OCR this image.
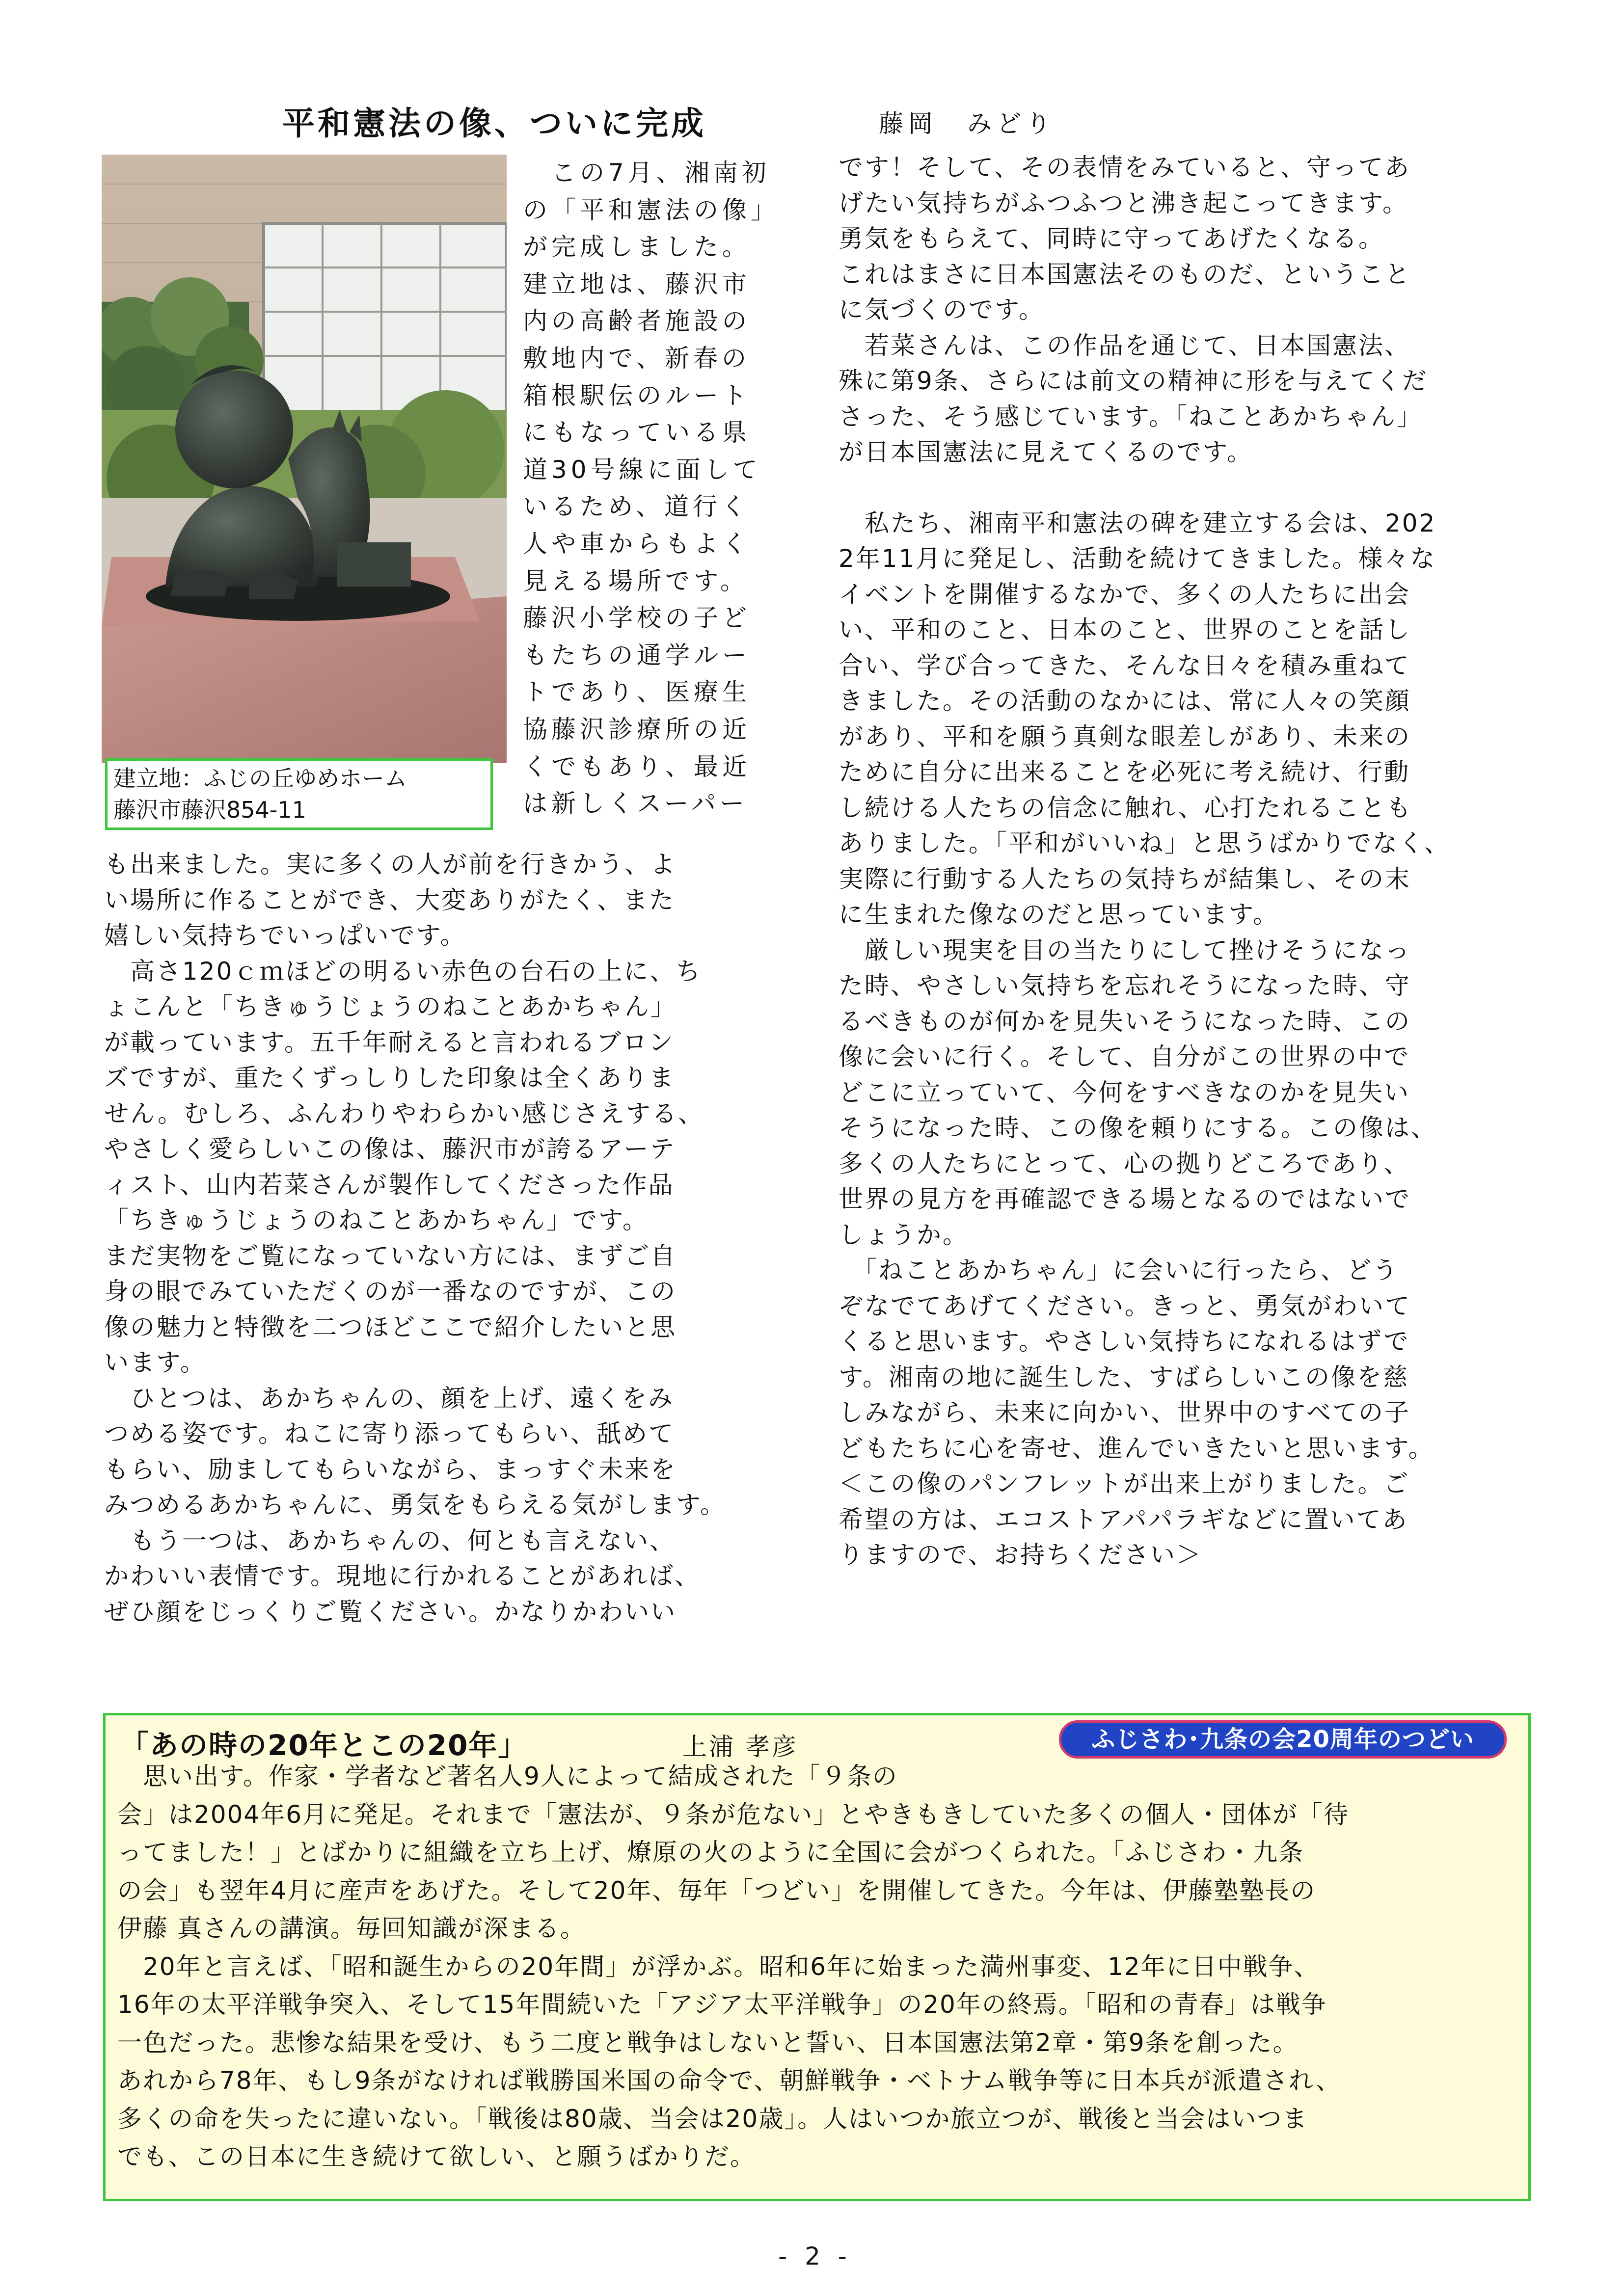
平和憲法の像、ついに完成	藤岡　みどり
建立地：ふじの丘ゆめホーム
藤沢市藤沢854-11
　この7月、湘南初
の「平和憲法の像」
が完成しました。
建立地は、藤沢市
内の高齢者施設の
敷地内で、新春の
箱根駅伝のルート
にもなっている県
道30号線に面して
いるため、道行く
人や車からもよく
見える場所です。
藤沢小学校の子ど
もたちの通学ルー
トであり、医療生
協藤沢診療所の近
くでもあり、最近
は新しくスーパー
も出来ました。実に多くの人が前を行きかう、よ
い場所に作ることができ、大変ありがたく、また
嬉しい気持ちでいっぱいです。
　高さ120ｃｍほどの明るい赤色の台石の上に、ち
ょこんと「ちきゅうじょうのねことあかちゃん」
が載っています。五千年耐えると言われるブロン
ズですが、重たくずっしりした印象は全くありま
せん。むしろ、ふんわりやわらかい感じさえする、
やさしく愛らしいこの像は、藤沢市が誇るアーテ
ィスト、山内若菜さんが製作してくださった作品
「ちきゅうじょうのねことあかちゃん」です。
まだ実物をご覧になっていない方には、まずご自
身の眼でみていただくのが一番なのですが、この
像の魅力と特徴を二つほどここで紹介したいと思
います。
　ひとつは、あかちゃんの、顔を上げ、遠くをみ
つめる姿です。ねこに寄り添ってもらい、舐めて
もらい、励ましてもらいながら、まっすぐ未来を
みつめるあかちゃんに、勇気をもらえる気がします。
　もう一つは、あかちゃんの、何とも言えない、
かわいい表情です。現地に行かれることがあれば、
ぜひ顔をじっくりご覧ください。かなりかわいい
です！そして、その表情をみていると、守ってあ
げたい気持ちがふつふつと沸き起こってきます。
勇気をもらえて、同時に守ってあげたくなる。
これはまさに日本国憲法そのものだ、ということ
に気づくのです。
　若菜さんは、この作品を通じて、日本国憲法、
殊に第9条、さらには前文の精神に形を与えてくだ
さった、そう感じています。「ねことあかちゃん」
が日本国憲法に見えてくるのです。
　私たち、湘南平和憲法の碑を建立する会は、202
2年11月に発足し、活動を続けてきました。様々な
イベントを開催するなかで、多くの人たちに出会
い、平和のこと、日本のこと、世界のことを話し
合い、学び合ってきた、そんな日々を積み重ねて
きました。その活動のなかには、常に人々の笑顔
があり、平和を願う真剣な眼差しがあり、未来の
ために自分に出来ることを必死に考え続け、行動
し続ける人たちの信念に触れ、心打たれることも
ありました。「平和がいいね」と思うばかりでなく、
実際に行動する人たちの気持ちが結集し、その末
に生まれた像なのだと思っています。
　厳しい現実を目の当たりにして挫けそうになっ
た時、やさしい気持ちを忘れそうになった時、守
るべきものが何かを見失いそうになった時、この
像に会いに行く。そして、自分がこの世界の中で
どこに立っていて、今何をすべきなのかを見失い
そうになった時、この像を頼りにする。この像は、
多くの人たちにとって、心の拠りどころであり、
世界の見方を再確認できる場となるのではないで
しょうか。
　「ねことあかちゃん」に会いに行ったら、どう
ぞなでてあげてください。きっと、勇気がわいて
くると思います。やさしい気持ちになれるはずで
す。湘南の地に誕生した、すばらしいこの像を慈
しみながら、未来に向かい、世界中のすべての子
どもたちに心を寄せ、進んでいきたいと思います。
＜この像のパンフレットが出来上がりました。ご
希望の方は、エコストアパパラギなどに置いてあ
りますので、お持ちください＞
「あの時の20年とこの20年」	上浦 孝彦	ふじさわ･九条の会20周年のつどい
　思い出す。作家・学者など著名人9人によって結成された「９条の
会」は2004年6月に発足。それまで「憲法が、９条が危ない」とやきもきしていた多くの個人・団体が「待
ってました！」とばかりに組織を立ち上げ、燎原の火のように全国に会がつくられた。「ふじさわ・九条
の会」も翌年4月に産声をあげた。そして20年、毎年「つどい」を開催してきた。今年は、伊藤塾塾長の
伊藤 真さんの講演。毎回知識が深まる。
　20年と言えば、「昭和誕生からの20年間」が浮かぶ。昭和6年に始まった満州事変、12年に日中戦争、
16年の太平洋戦争突入、そして15年間続いた「アジア太平洋戦争」の20年の終焉。「昭和の青春」は戦争
一色だった。悲惨な結果を受け、もう二度と戦争はしないと誓い、日本国憲法第2章・第9条を創った。
あれから78年、もし9条がなければ戦勝国米国の命令で、朝鮮戦争・ベトナム戦争等に日本兵が派遣され、
多くの命を失ったに違いない。「戦後は80歳、当会は20歳」。人はいつか旅立つが、戦後と当会はいつま
でも、この日本に生き続けて欲しい、と願うばかりだ。
- 2 -
